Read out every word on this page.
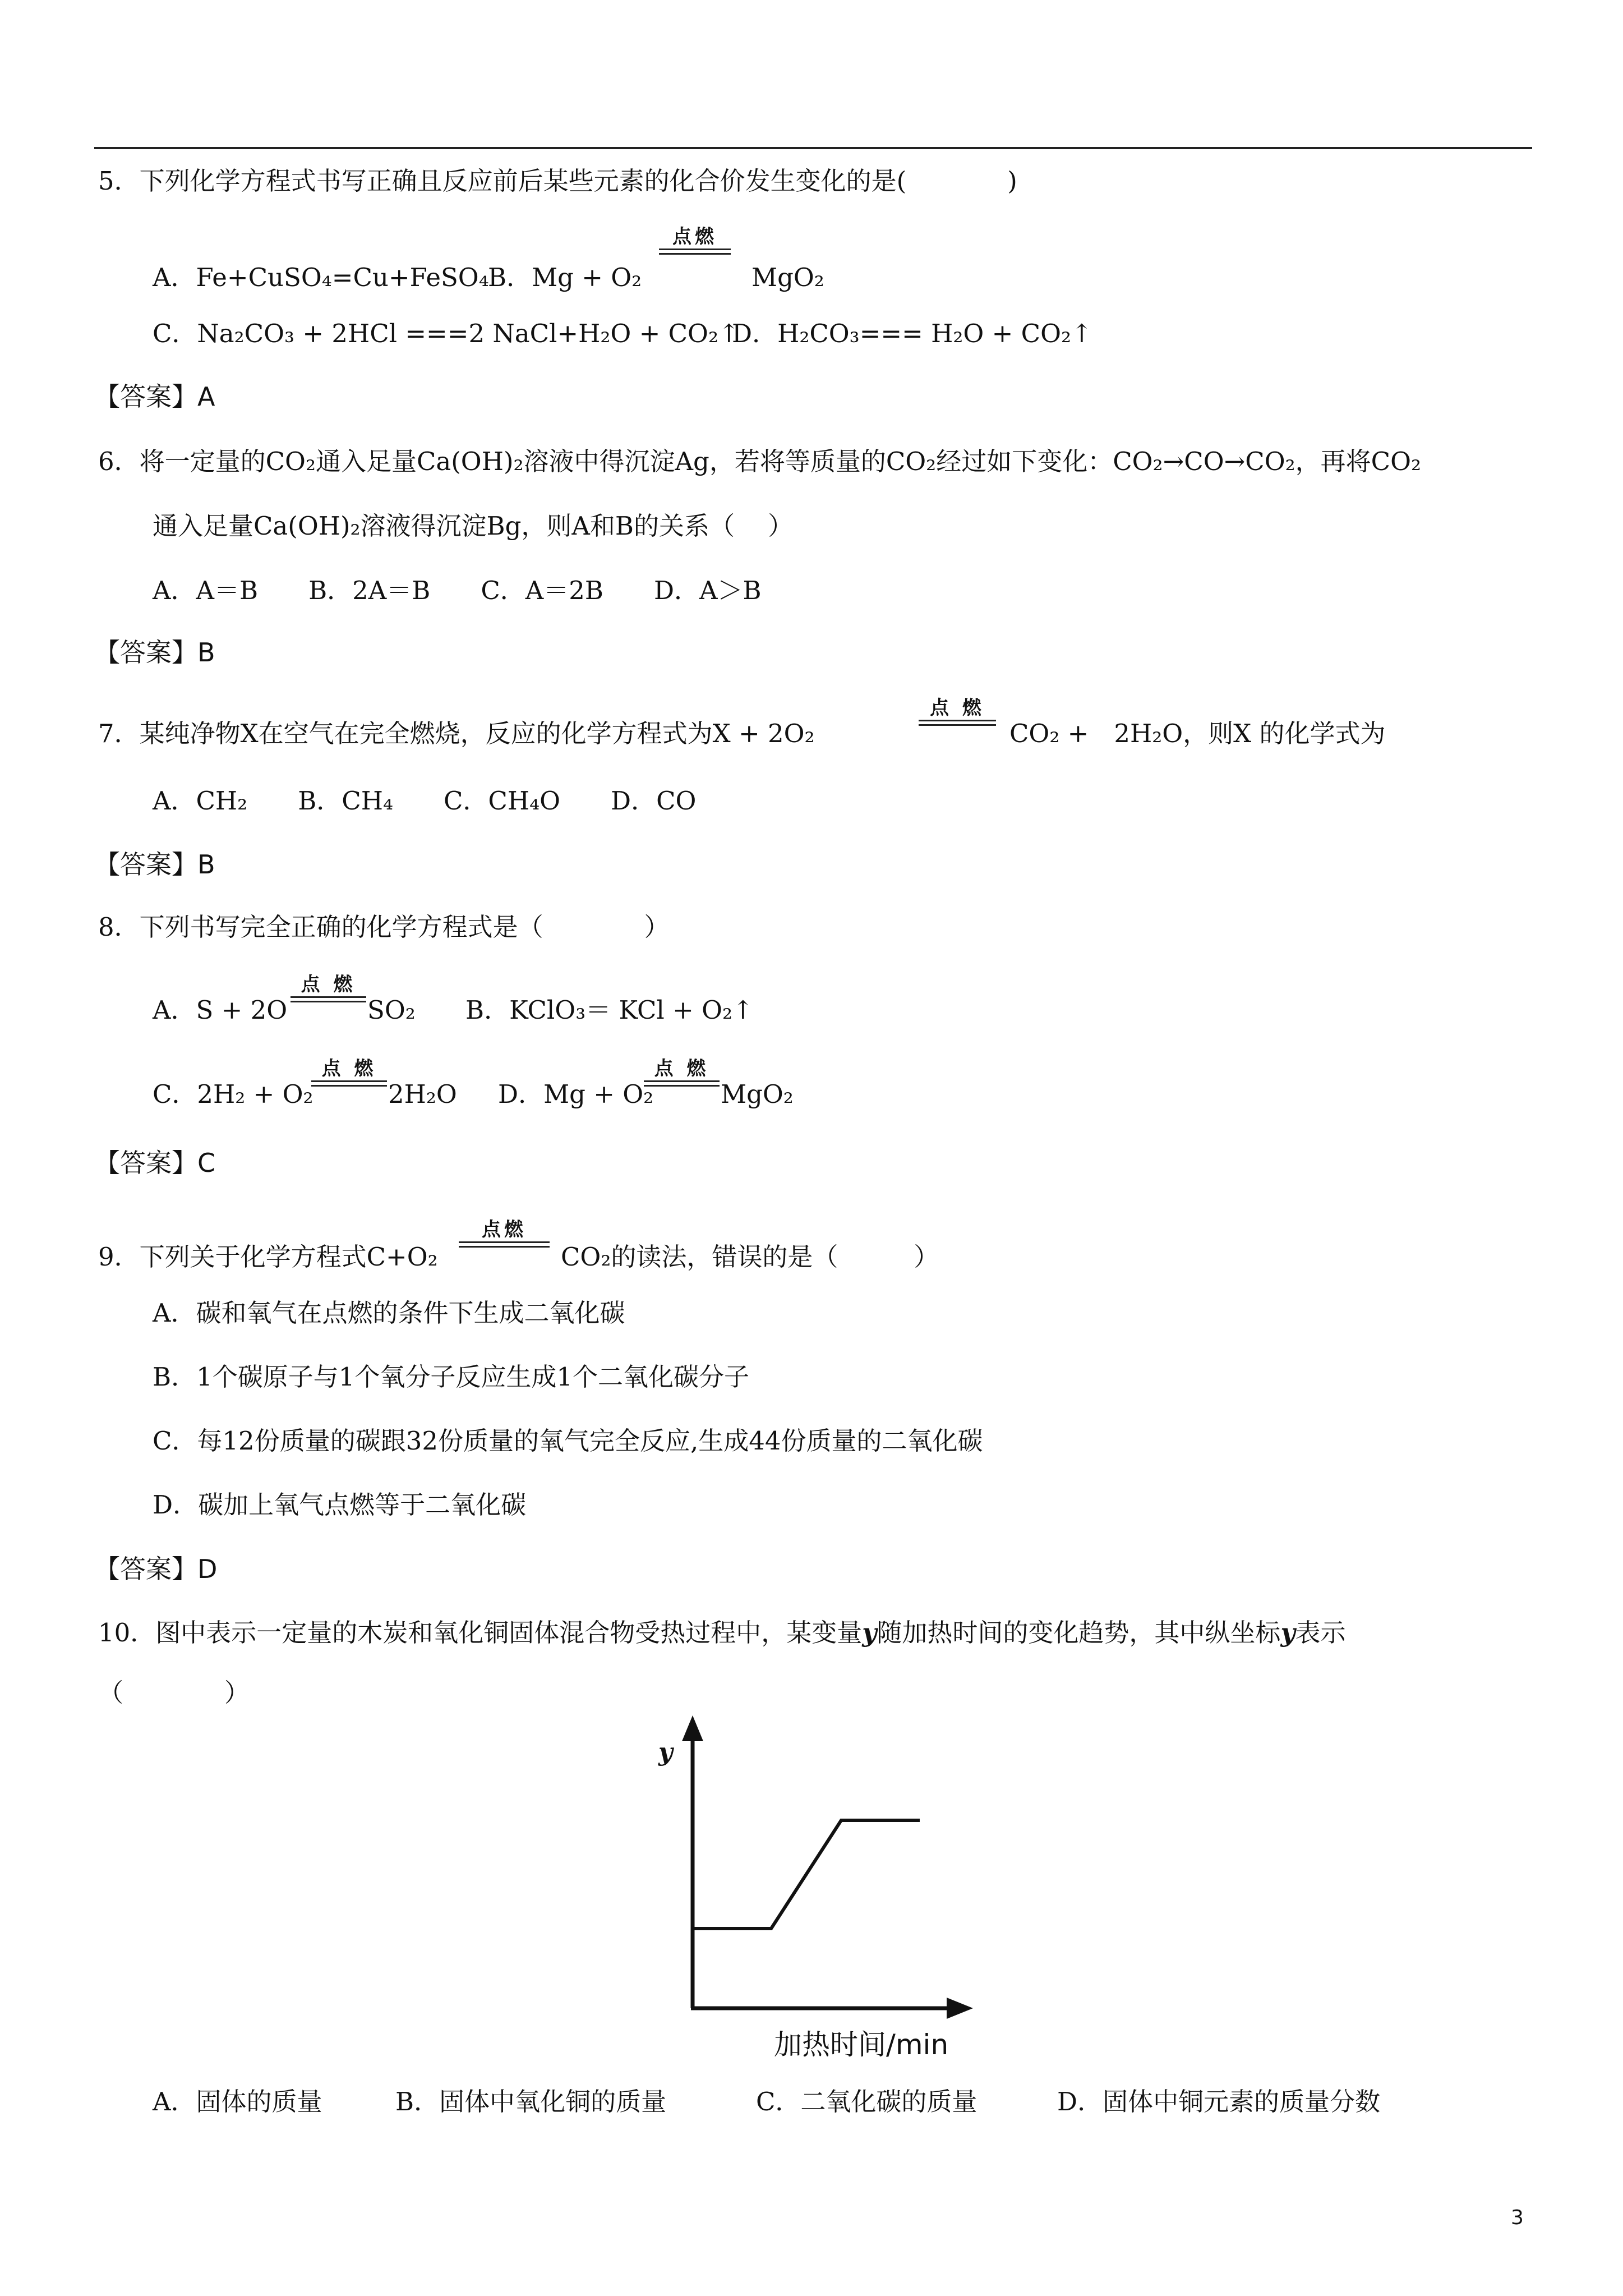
5．下列化学方程式书写正确且反应前后某些元素的化合价发生变化的是(　　　　)
A．Fe+CuSO₄=Cu+FeSO₄
B．Mg + O₂
点燃
MgO₂
C．Na₂CO₃ + 2HCl ===2 NaCl+H₂O + CO₂↑
D．H₂CO₃=== H₂O + CO₂↑
【答案】A
6．将一定量的CO₂通入足量Ca(OH)₂溶液中得沉淀Ag，若将等质量的CO₂经过如下变化：CO₂→CO→CO₂，再将CO₂
通入足量Ca(OH)₂溶液得沉淀Bg，则A和B的关系（　 ）
A．A＝B　　B．2A＝B　　C．A＝2B　　D．A＞B
【答案】B
7．某纯净物X在空气在完全燃烧，反应的化学方程式为X + 2O₂
点 燃
CO₂ +　2H₂O，则X 的化学式为
A．CH₂　　B．CH₄　　C．CH₄O　　D．CO
【答案】B
8．下列书写完全正确的化学方程式是（　　　　）
A．S + 2O
点 燃
SO₂ B．KClO₃＝ KCl + O₂↑
C．2H₂ + O₂
点 燃
2H₂O D．Mg + O₂
点 燃
MgO₂
【答案】C
9．下列关于化学方程式C+O₂
点燃
CO₂的读法，错误的是（　　　）
A．碳和氧气在点燃的条件下生成二氧化碳
B．1个碳原子与1个氧分子反应生成1个二氧化碳分子
C．每12份质量的碳跟32份质量的氧气完全反应,生成44份质量的二氧化碳
D．碳加上氧气点燃等于二氧化碳
【答案】D
10．图中表示一定量的木炭和氧化铜固体混合物受热过程中，某变量y随加热时间的变化趋势，其中纵坐标y表示
（　　　　）
y
加热时间/min
A．固体的质量	B．固体中氧化铜的质量	C．二氧化碳的质量	D．固体中铜元素的质量分数
3
